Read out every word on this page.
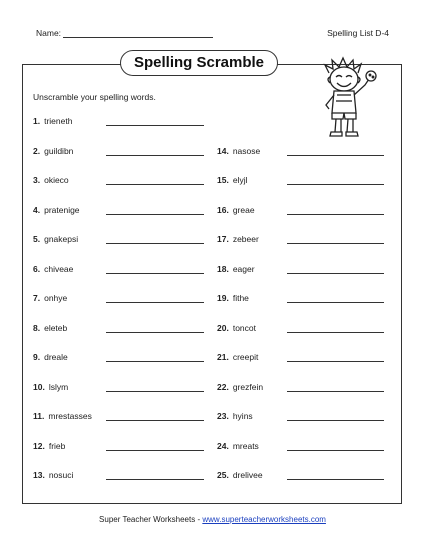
Name:	Spelling List D-4
Spelling Scramble
Unscramble your spelling words.
1. trieneth
2. guildibn
3. okieco
4. pratenige
5. gnakepsi
6. chiveae
7. onhye
8. eleteb
9. dreale
10. lslym
11. mrestasses
12. frieb
13. nosuci
14. nasose
15. elyjl
16. greae
17. zebeer
18. eager
19. fithe
20. toncot
21. creepit
22. grezfein
23. hyins
24. mreats
25. drelivee
Super Teacher Worksheets - www.superteacherworksheets.com
